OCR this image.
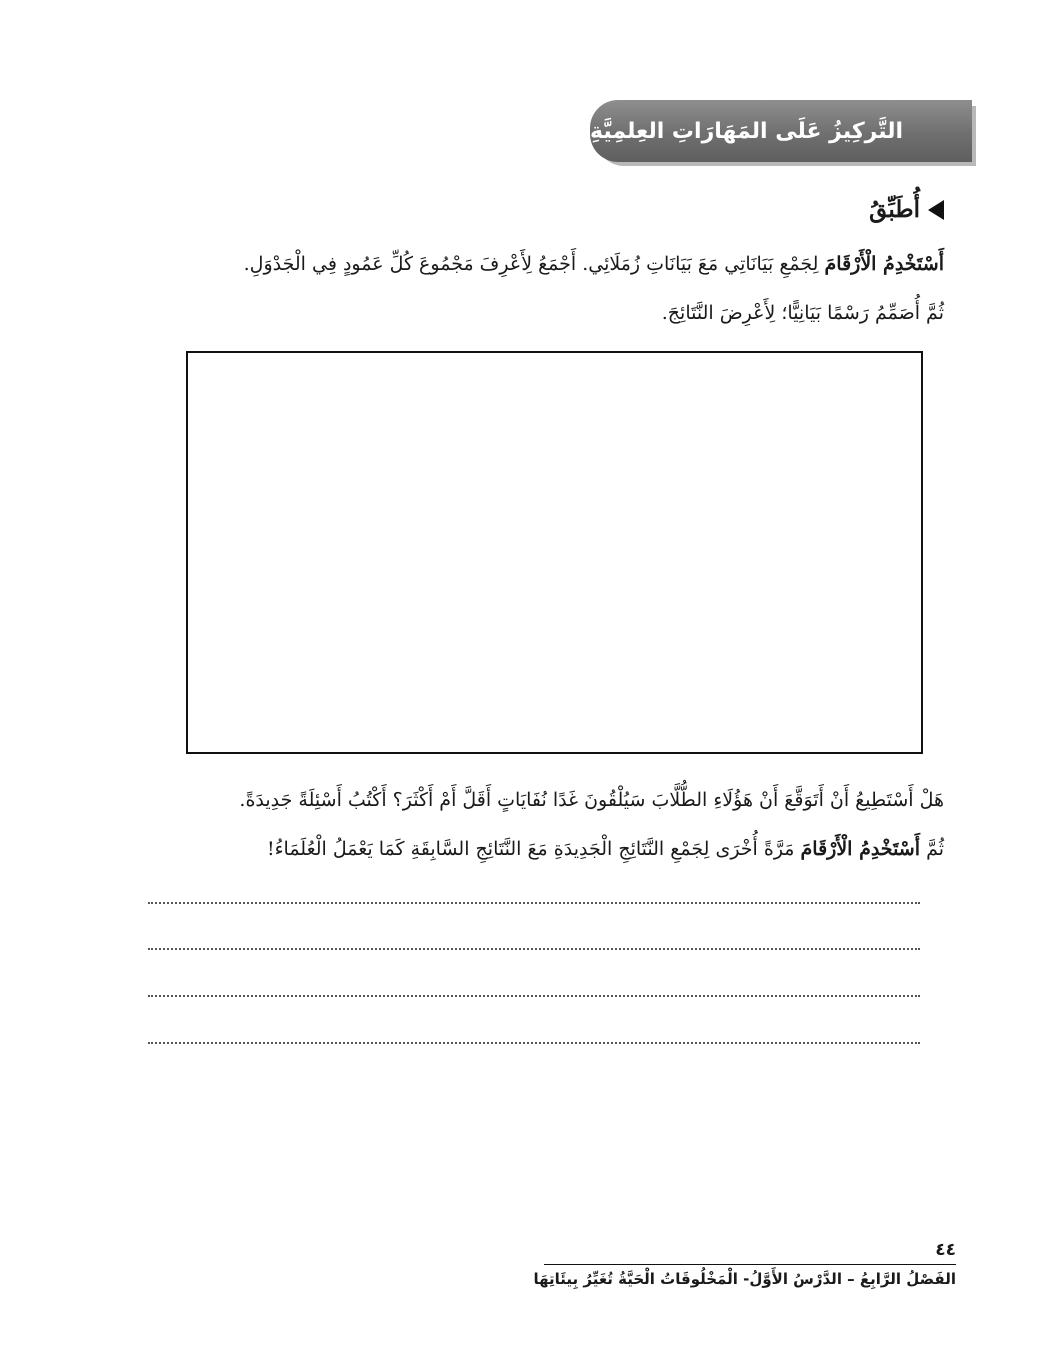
التَّركِيزُ عَلَى المَهَارَاتِ العِلمِيَّةِ
أُطَبِّقُ
أَسْتَخْدِمُ الْأَرْقَامَ لِجَمْعِ بَيَانَاتِي مَعَ بَيَانَاتِ زُمَلَائِي. أَجْمَعُ لِأَعْرِفَ مَجْمُوعَ كُلِّ عَمُودٍ فِي الْجَدْوَلِ.
ثُمَّ أُصَمِّمُ رَسْمًا بَيَانِيًّا؛ لِأَعْرِضَ النَّتَائِجَ.
هَلْ أَسْتَطِيعُ أَنْ أَتَوَقَّعَ أَنْ هَؤُلَاءِ الطُّلَّابَ سَيُلْقُونَ غَدًا نُفَايَاتٍ أَقَلَّ أَمْ أَكْثَرَ؟ أَكْتُبُ أَسْئِلَةً جَدِيدَةً.
ثُمَّ أَسْتَخْدِمُ الْأَرْقَامَ مَرَّةً أُخْرَى لِجَمْعِ النَّتَائِجِ الْجَدِيدَةِ مَعَ النَّتَائِجِ السَّابِقَةِ كَمَا يَعْمَلُ الْعُلَمَاءُ!
٤٤
الفَصْلُ الرَّابِعُ – الدَّرْسُ الأَوَّلُ- الْمَخْلُوقَاتُ الْحَيَّةُ تُغَيِّرُ بِيئَاتِهَا
